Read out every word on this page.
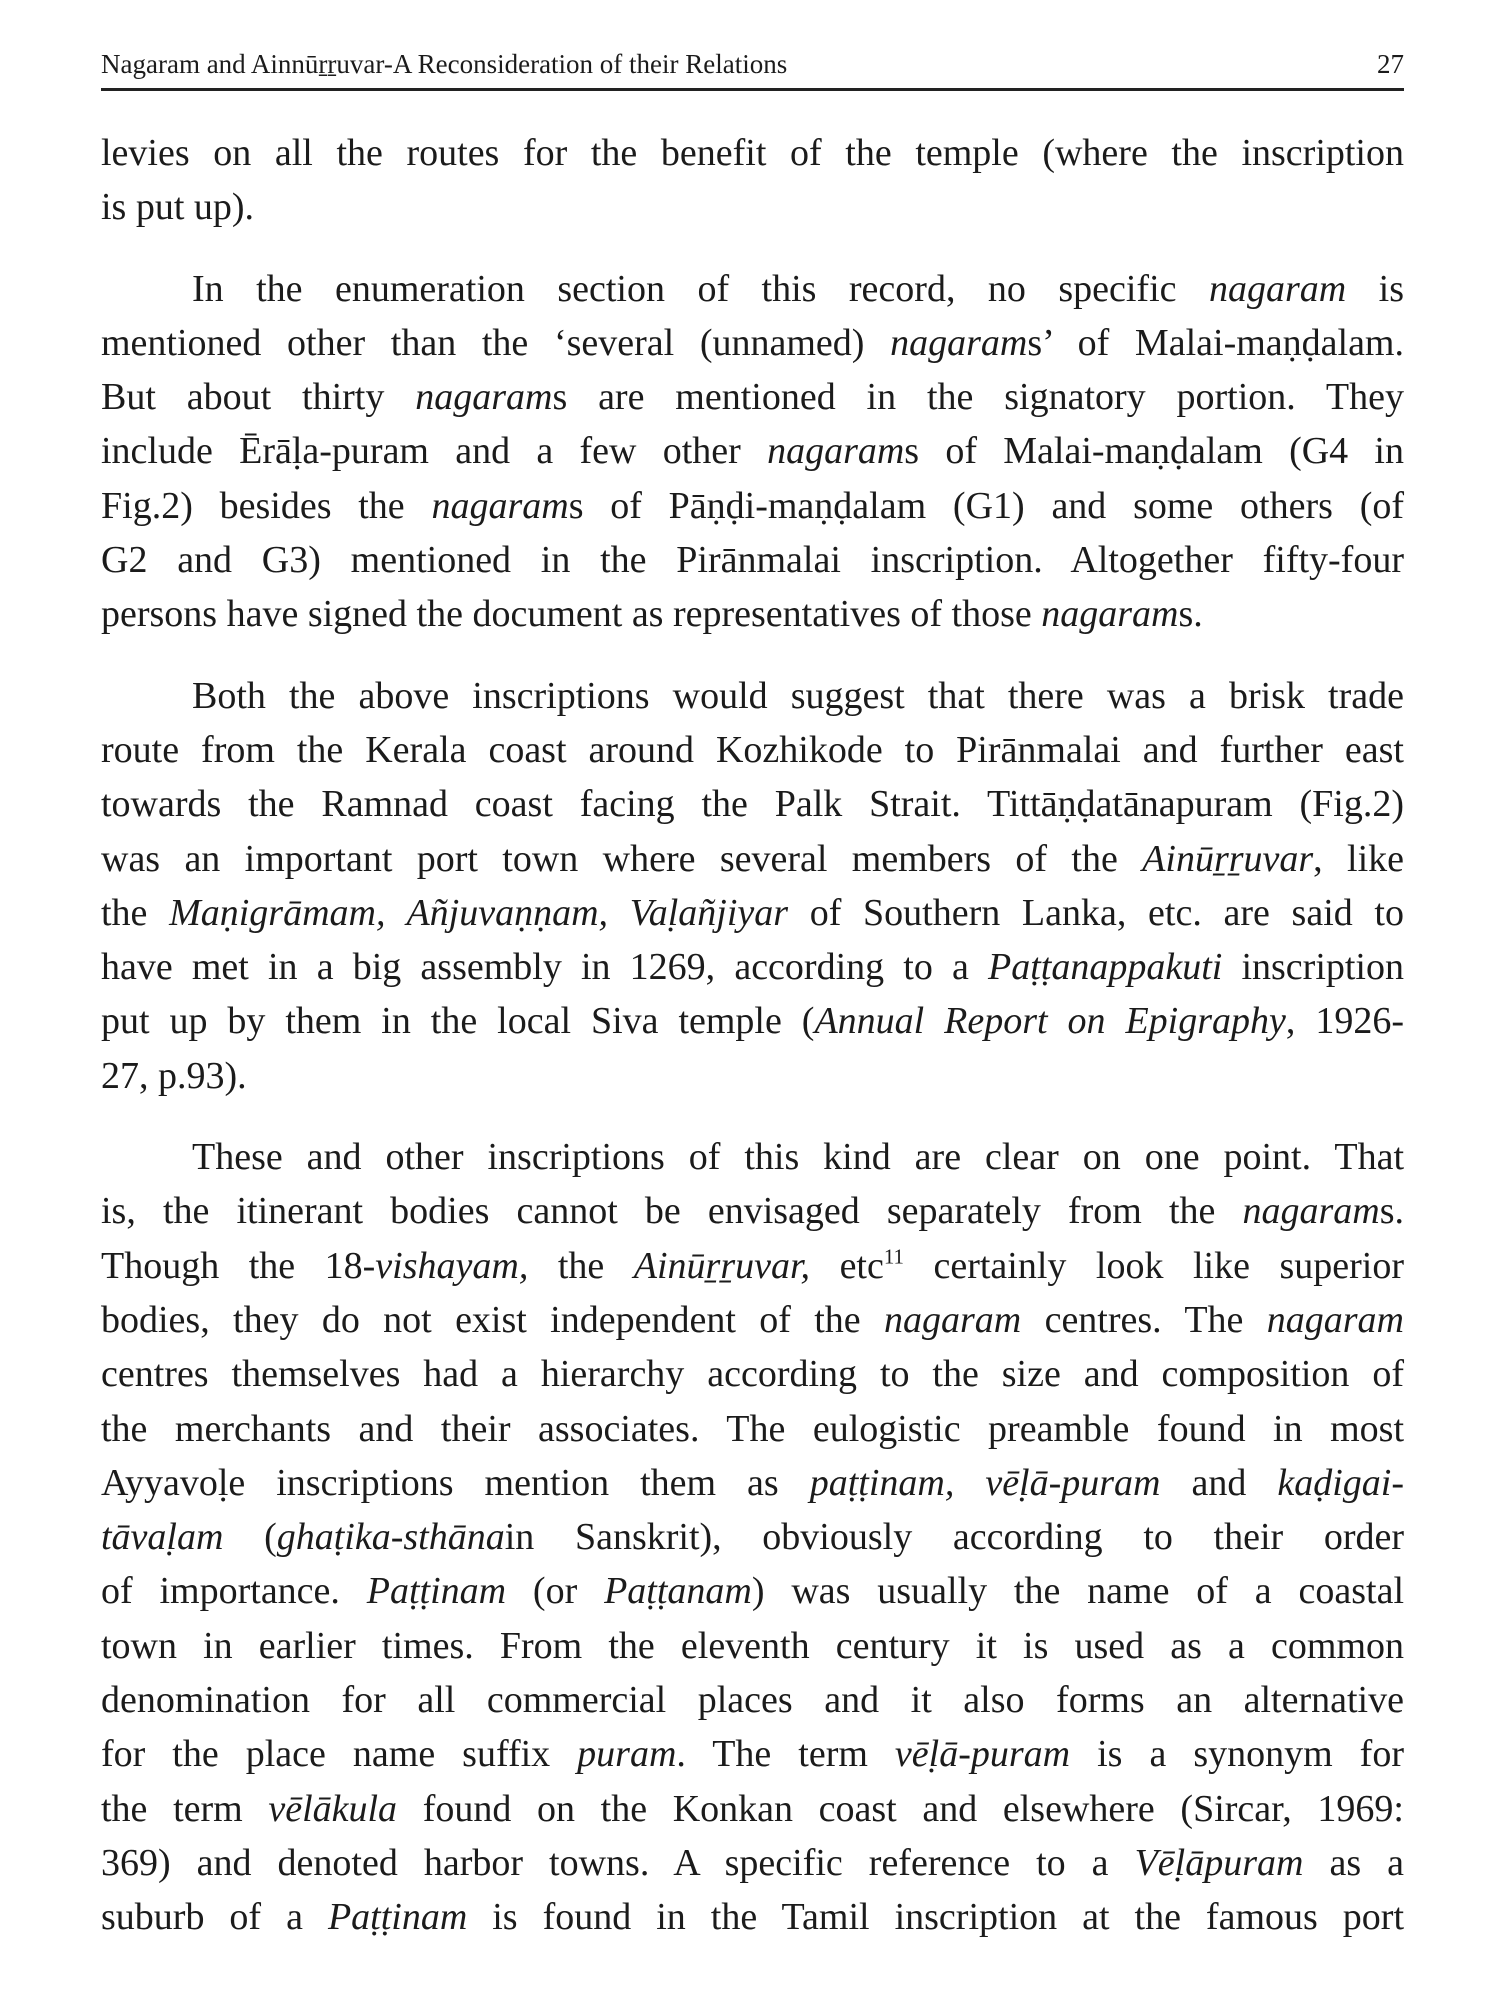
Nagaram and Ainnūṟṟuvar-A Reconsideration of their Relations	27
levies on all the routes for the benefit of the temple (where the inscription
is put up).
In the enumeration section of this record, no specific nagaram is
mentioned other than the ‘several (unnamed) nagarams’ of Malai-maṇḍalam.
But about thirty nagarams are mentioned in the signatory portion. They
include Ērāḷa-puram and a few other nagarams of Malai-maṇḍalam (G4 in
Fig.2) besides the nagarams of Pāṇḍi-maṇḍalam (G1) and some others (of
G2 and G3) mentioned in the Pirānmalai inscription. Altogether fifty-four
persons have signed the document as representatives of those nagarams.
Both the above inscriptions would suggest that there was a brisk trade
route from the Kerala coast around Kozhikode to Pirānmalai and further east
towards the Ramnad coast facing the Palk Strait. Tittāṇḍatānapuram (Fig.2)
was an important port town where several members of the Ainūṟṟuvar, like
the Maṇigrāmam, Añjuvaṇṇam, Vaḷañjiyar of Southern Lanka, etc. are said to
have met in a big assembly in 1269, according to a Paṭṭanappakuti inscription
put up by them in the local Siva temple (Annual Report on Epigraphy, 1926-
27, p.93).
These and other inscriptions of this kind are clear on one point. That
is, the itinerant bodies cannot be envisaged separately from the nagarams.
Though the 18-vishayam, the Ainūṟṟuvar, etc$^{11}$ certainly look like superior
bodies, they do not exist independent of the nagaram centres. The nagaram
centres themselves had a hierarchy according to the size and composition of
the merchants and their associates. The eulogistic preamble found in most
Ayyavoḷe inscriptions mention them as paṭṭinam, vēḷā-puram and kaḍigai-
tāvaḷam (ghaṭika-sthānain Sanskrit), obviously according to their order
of importance. Paṭṭinam (or Paṭṭanam) was usually the name of a coastal
town in earlier times. From the eleventh century it is used as a common
denomination for all commercial places and it also forms an alternative
for the place name suffix puram. The term vēḷā-puram is a synonym for
the term vēlākula found on the Konkan coast and elsewhere (Sircar, 1969:
369) and denoted harbor towns. A specific reference to a Vēḷāpuram as a
suburb of a Paṭṭinam is found in the Tamil inscription at the famous port
